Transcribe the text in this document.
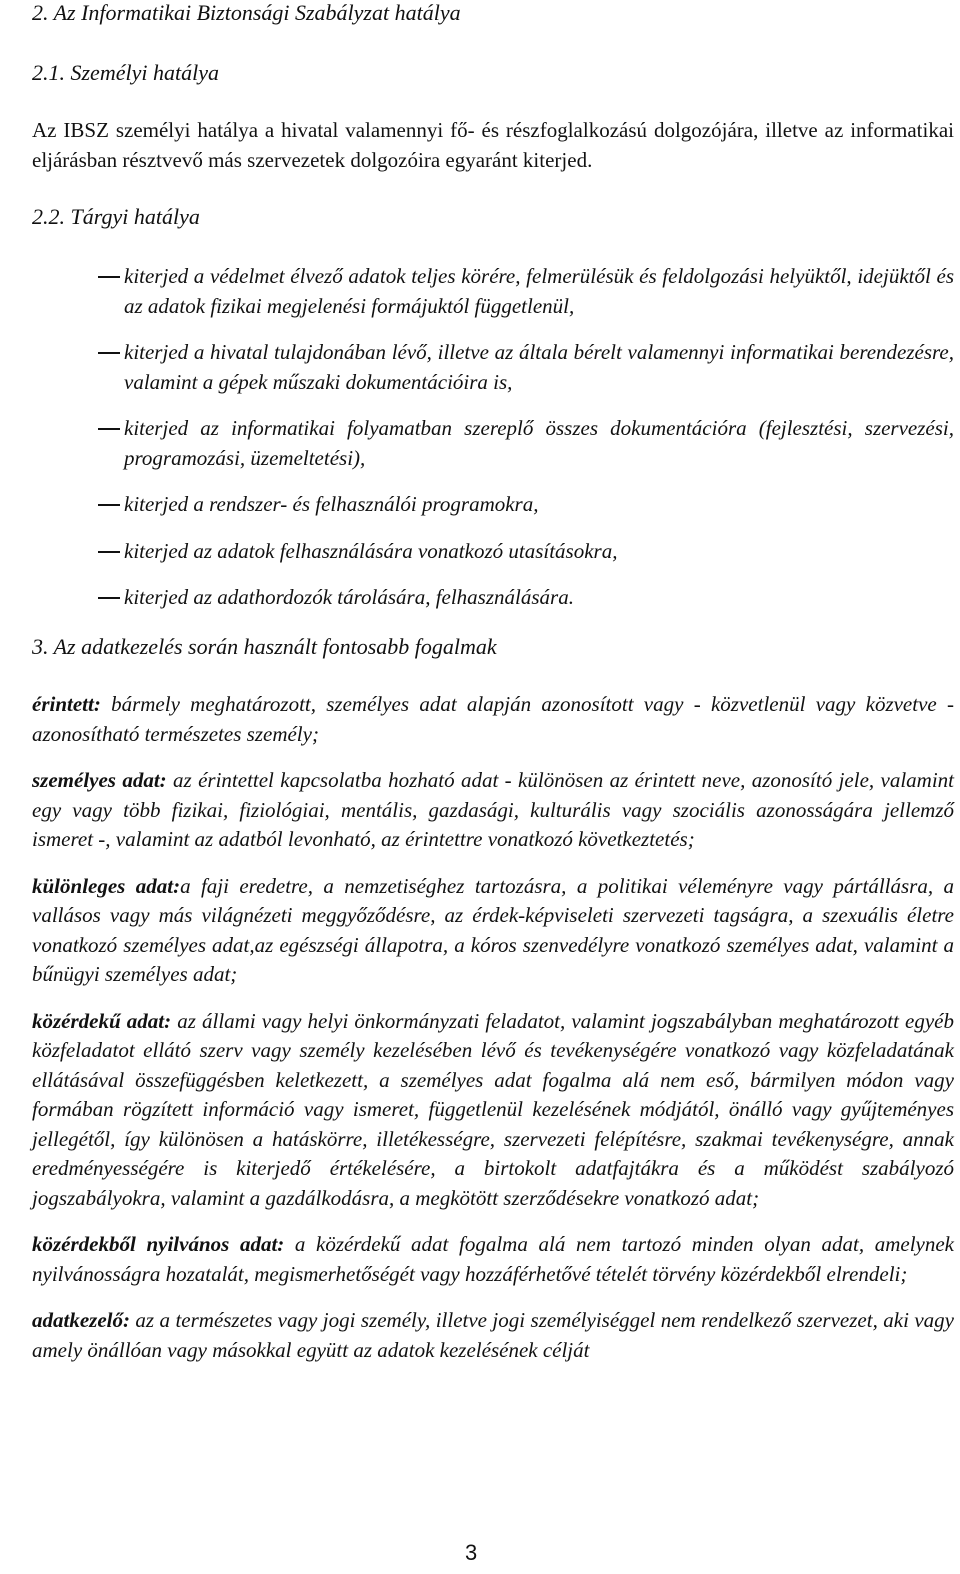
2. Az Informatikai Biztonsági Szabályzat hatálya
2.1. Személyi hatálya

Az IBSZ személyi hatálya a hivatal valamennyi fő- és részfoglalkozású dolgozójára, illetve az informatikai eljárásban résztvevő más szervezetek dolgozóira egyaránt kiterjed.

2.2. Tárgyi hatálya
kiterjed a védelmet élvező adatok teljes körére, felmerülésük és feldolgozási helyüktől, idejüktől és az adatok fizikai megjelenési formájuktól függetlenül,
kiterjed a hivatal tulajdonában lévő, illetve az általa bérelt valamennyi informatikai berendezésre, valamint a gépek műszaki dokumentációira is,
kiterjed az informatikai folyamatban szereplő összes dokumentációra (fejlesztési, szervezési, programozási, üzemeltetési),
kiterjed a rendszer- és felhasználói programokra,
kiterjed az adatok felhasználására vonatkozó utasításokra,
kiterjed az adathordozók tárolására, felhasználására.
3. Az adatkezelés során használt fontosabb fogalmak

érintett: bármely meghatározott, személyes adat alapján azonosított vagy - közvetlenül vagy közvetve - azonosítható természetes személy;

személyes adat: az érintettel kapcsolatba hozható adat - különösen az érintett neve, azonosító jele, valamint egy vagy több fizikai, fiziológiai, mentális, gazdasági, kulturális vagy szociális azonosságára jellemző ismeret -, valamint az adatból levonható, az érintettre vonatkozó következtetés;

különleges adat:a faji eredetre, a nemzetiséghez tartozásra, a politikai véleményre vagy pártállásra, a vallásos vagy más világnézeti meggyőződésre, az érdek-képviseleti szervezeti tagságra, a szexuális életre vonatkozó személyes adat,az egészségi állapotra, a kóros szenvedélyre vonatkozó személyes adat, valamint a bűnügyi személyes adat;

közérdekű adat: az állami vagy helyi önkormányzati feladatot, valamint jogszabályban meghatározott egyéb közfeladatot ellátó szerv vagy személy kezelésében lévő és tevékenységére vonatkozó vagy közfeladatának ellátásával összefüggésben keletkezett, a személyes adat fogalma alá nem eső, bármilyen módon vagy formában rögzített információ vagy ismeret, függetlenül kezelésének módjától, önálló vagy gyűjteményes jellegétől, így különösen a hatáskörre, illetékességre, szervezeti felépítésre, szakmai tevékenységre, annak eredményességére is kiterjedő értékelésére, a birtokolt adatfajtákra és a működést szabályozó jogszabályokra, valamint a gazdálkodásra, a megkötött szerződésekre vonatkozó adat;

közérdekből nyilvános adat: a közérdekű adat fogalma alá nem tartozó minden olyan adat, amelynek nyilvánosságra hozatalát, megismerhetőségét vagy hozzáférhetővé tételét törvény közérdekből elrendeli;

adatkezelő: az a természetes vagy jogi személy, illetve jogi személyiséggel nem rendelkező szervezet, aki vagy amely önállóan vagy másokkal együtt az adatok kezelésének célját

3
